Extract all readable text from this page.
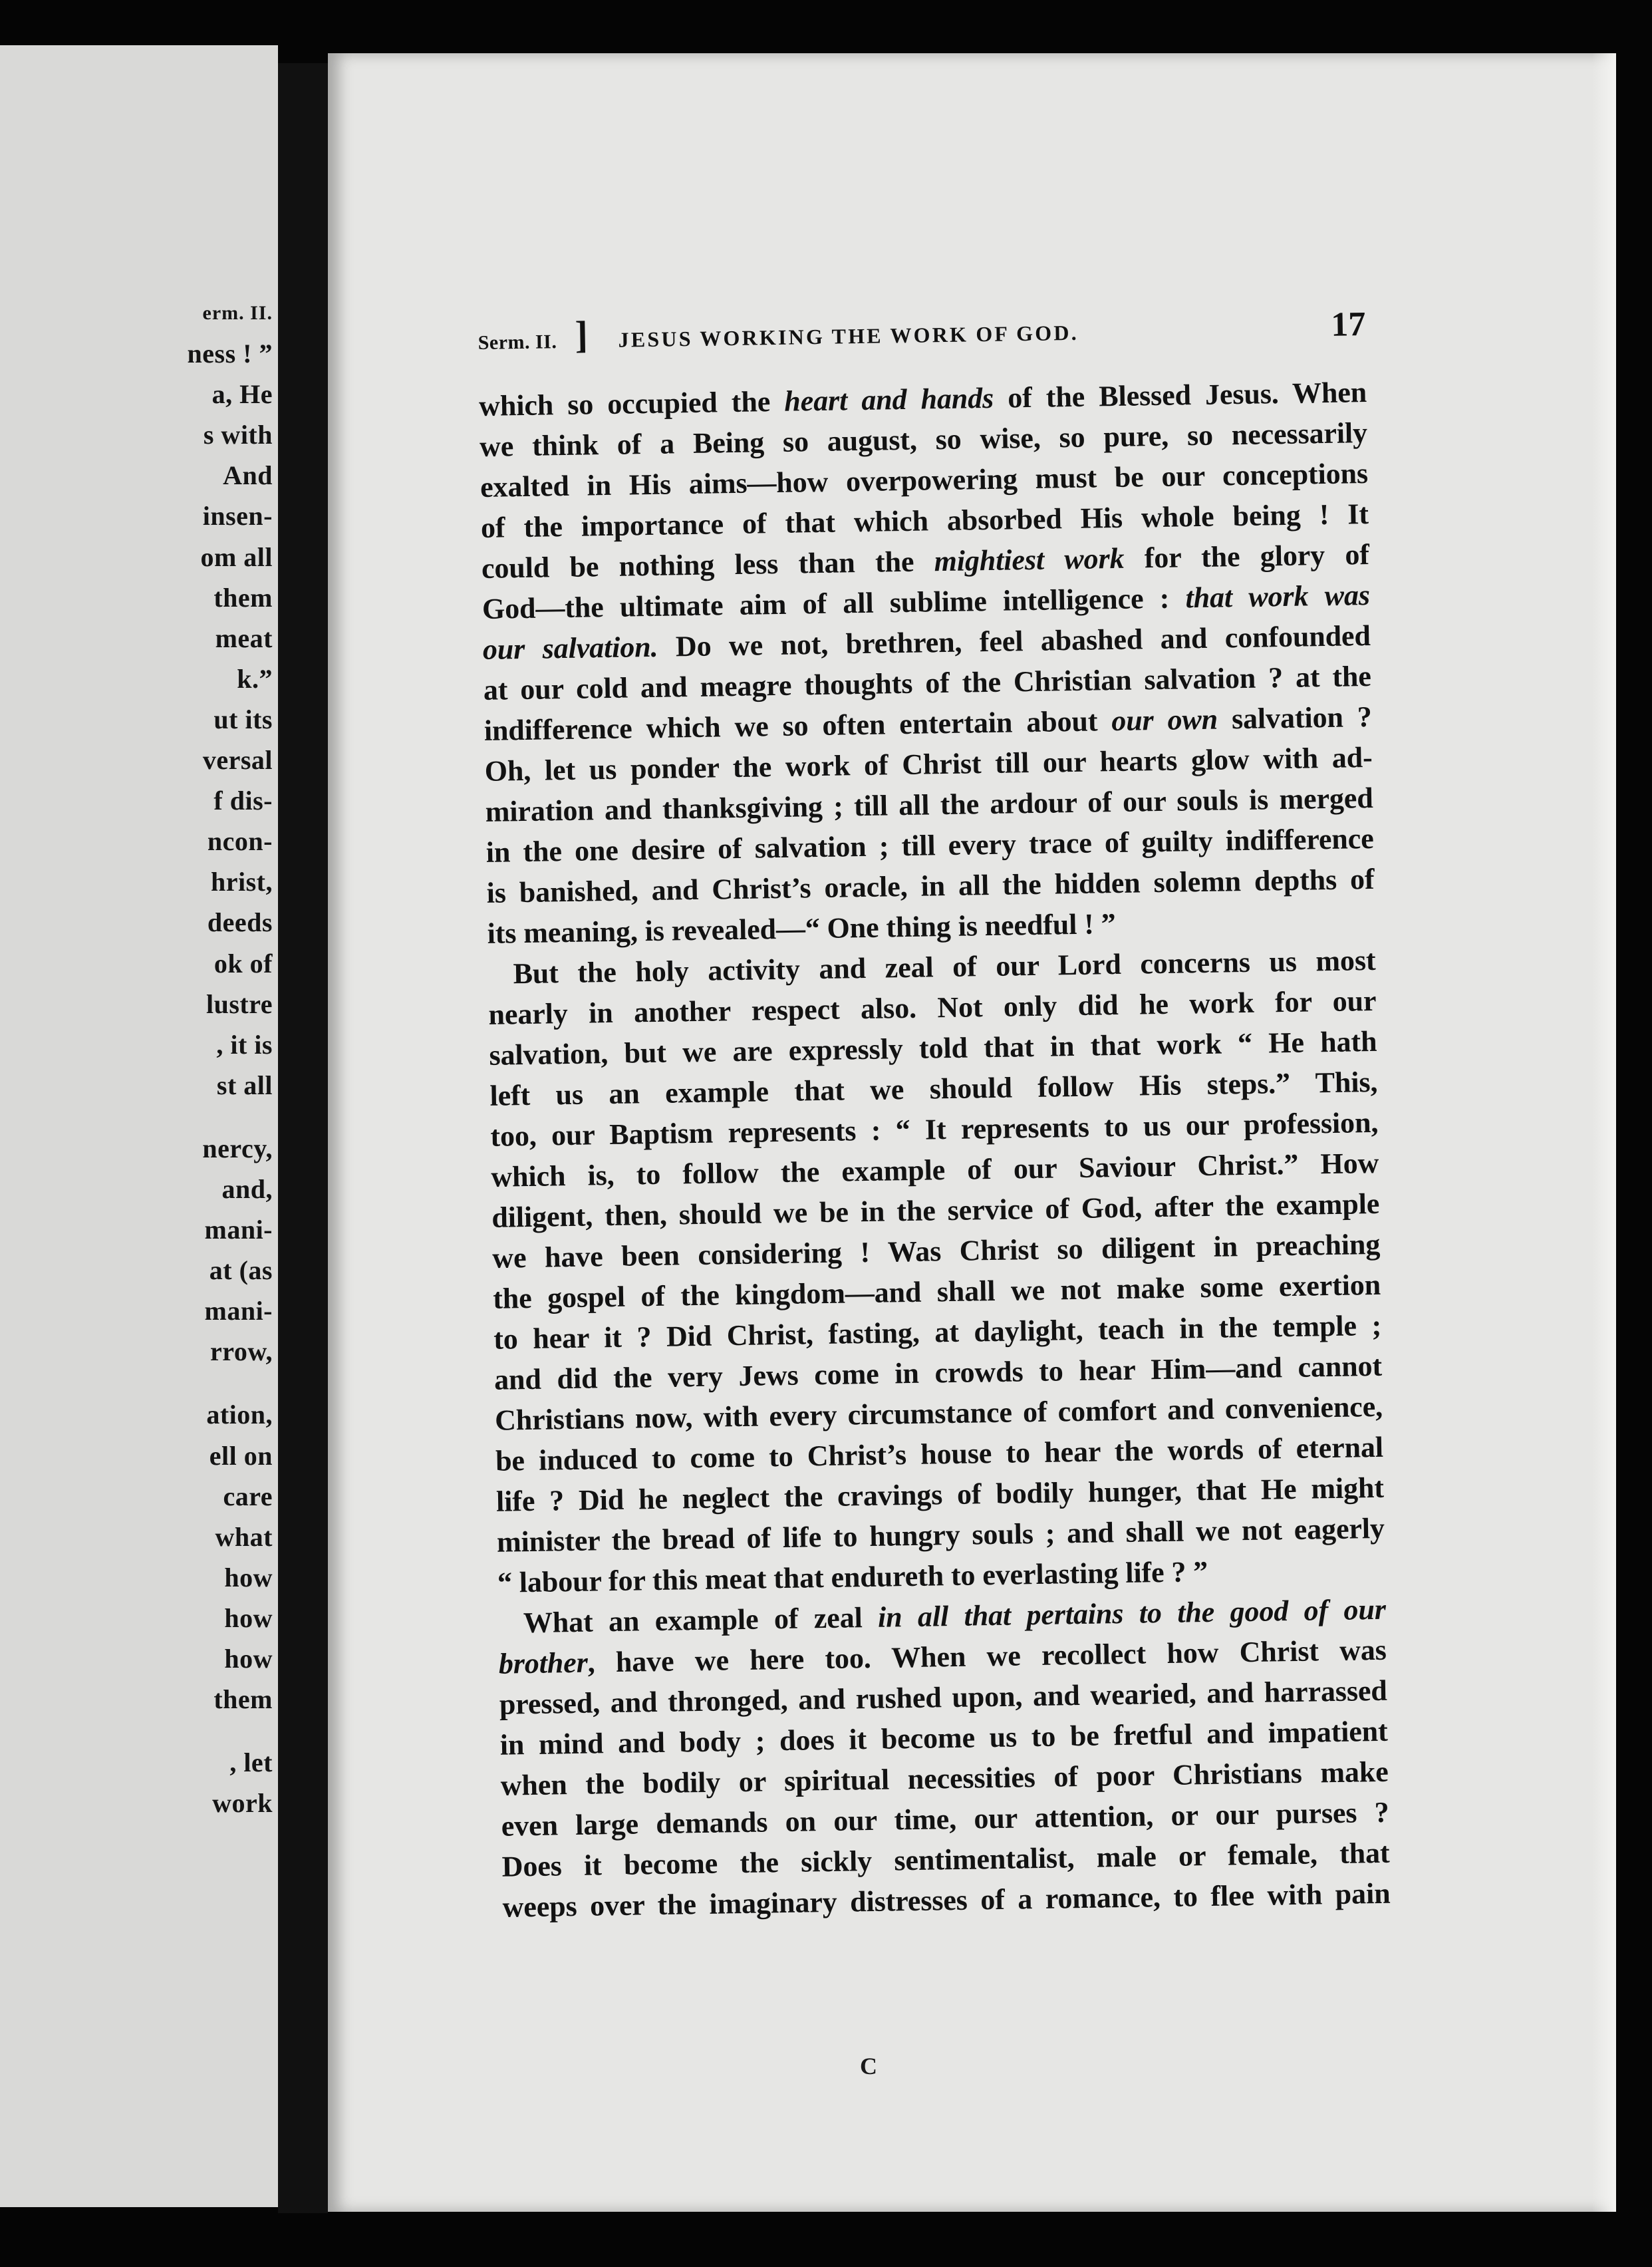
erm. II.
ness ! ”
a, He
s with
And
insen-
om all
them
meat
k.”
ut its
versal
f dis-
ncon-
hrist,
deeds
ok of
lustre
, it is
st all
nercy,
and,
mani-
at (as
mani-
rrow,
ation,
ell on
care
what
how
how
how
them
, let
work
Serm. II. ]	JESUS WORKING THE WORK OF GOD.	17
which so occupied the heart and hands of the Blessed Jesus. When
we think of a Being so august, so wise, so pure, so necessarily
exalted in His aims—how overpowering must be our conceptions
of the importance of that which absorbed His whole being ! It
could be nothing less than the mightiest work for the glory of
God—the ultimate aim of all sublime intelligence : that work was
our salvation. Do we not, brethren, feel abashed and confounded
at our cold and meagre thoughts of the Christian salvation ? at the
indifference which we so often entertain about our own salvation ?
Oh, let us ponder the work of Christ till our hearts glow with ad-
miration and thanksgiving ; till all the ardour of our souls is merged
in the one desire of salvation ; till every trace of guilty indifference
is banished, and Christ’s oracle, in all the hidden solemn depths of
its meaning, is revealed—“ One thing is needful ! ”
But the holy activity and zeal of our Lord concerns us most
nearly in another respect also. Not only did he work for our
salvation, but we are expressly told that in that work “ He hath
left us an example that we should follow His steps.” This,
too, our Baptism represents : “ It represents to us our profession,
which is, to follow the example of our Saviour Christ.” How
diligent, then, should we be in the service of God, after the example
we have been considering ! Was Christ so diligent in preaching
the gospel of the kingdom—and shall we not make some exertion
to hear it ? Did Christ, fasting, at daylight, teach in the temple ;
and did the very Jews come in crowds to hear Him—and cannot
Christians now, with every circumstance of comfort and convenience,
be induced to come to Christ’s house to hear the words of eternal
life ? Did he neglect the cravings of bodily hunger, that He might
minister the bread of life to hungry souls ; and shall we not eagerly
“ labour for this meat that endureth to everlasting life ? ”
What an example of zeal in all that pertains to the good of our
brother, have we here too. When we recollect how Christ was
pressed, and thronged, and rushed upon, and wearied, and harrassed
in mind and body ; does it become us to be fretful and impatient
when the bodily or spiritual necessities of poor Christians make
even large demands on our time, our attention, or our purses ?
Does it become the sickly sentimentalist, male or female, that
weeps over the imaginary distresses of a romance, to flee with pain
C
